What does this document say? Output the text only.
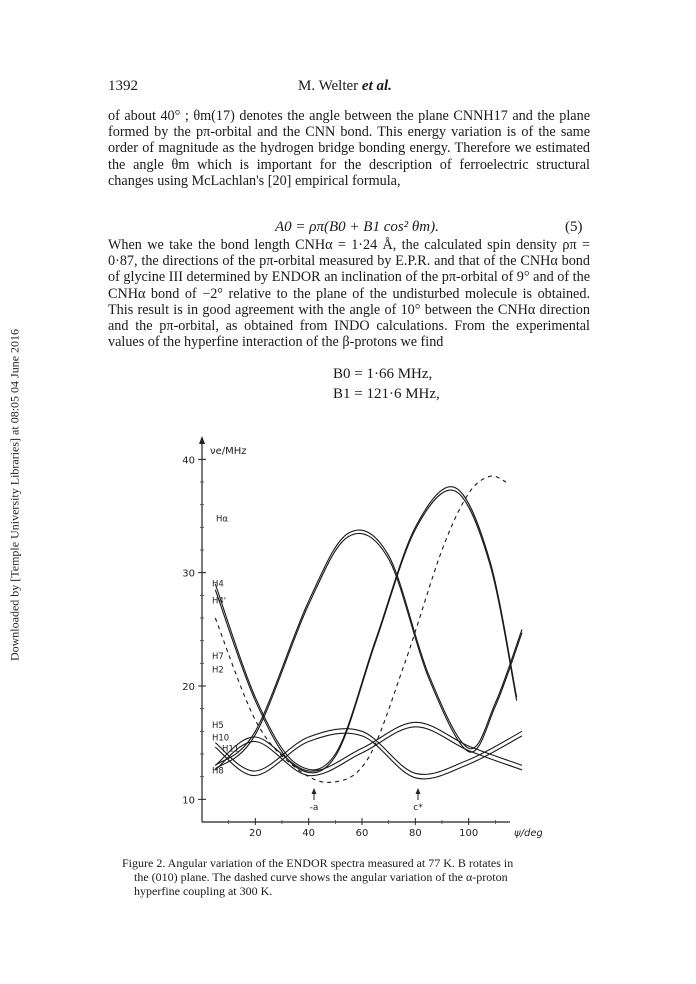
Downloaded by [Temple University Libraries] at 08:05 04 June 2016
1392	M. Welter et al.
of about 40° ; θm(17) denotes the angle between the plane CNNH17 and the plane formed by the pπ-orbital and the CNN bond. This energy variation is of the same order of magnitude as the hydrogen bridge bonding energy. Therefore we estimated the angle θm which is important for the description of ferroelectric structural changes using McLachlan's [20] empirical formula,
A0 = ρπ(B0 + B1 cos² θm).	(5)
When we take the bond length CNHα = 1·24 Å, the calculated spin density ρπ = 0·87, the directions of the pπ-orbital measured by E.P.R. and that of the CNHα bond of glycine III determined by ENDOR an inclination of the pπ-orbital of 9° and of the CNHα bond of −2° relative to the plane of the undisturbed molecule is obtained. This result is in good agreement with the angle of 10° between the CNHα direction and the pπ-orbital, as obtained from INDO calculations. From the experimental values of the hyperfine interaction of the β-protons we find
B0 = 1·66 MHz,
B1 = 121·6 MHz,
10
20
30
40
20	40	60	80	100
νe/MHz
ψ/deg
-a	c*
Hα
H4
H4'
H7
H2
H5
H10
H11
H8
Figure 2. Angular variation of the ENDOR spectra measured at 77 K. B rotates in
the (010) plane. The dashed curve shows the angular variation of the α-proton
hyperfine coupling at 300 K.
